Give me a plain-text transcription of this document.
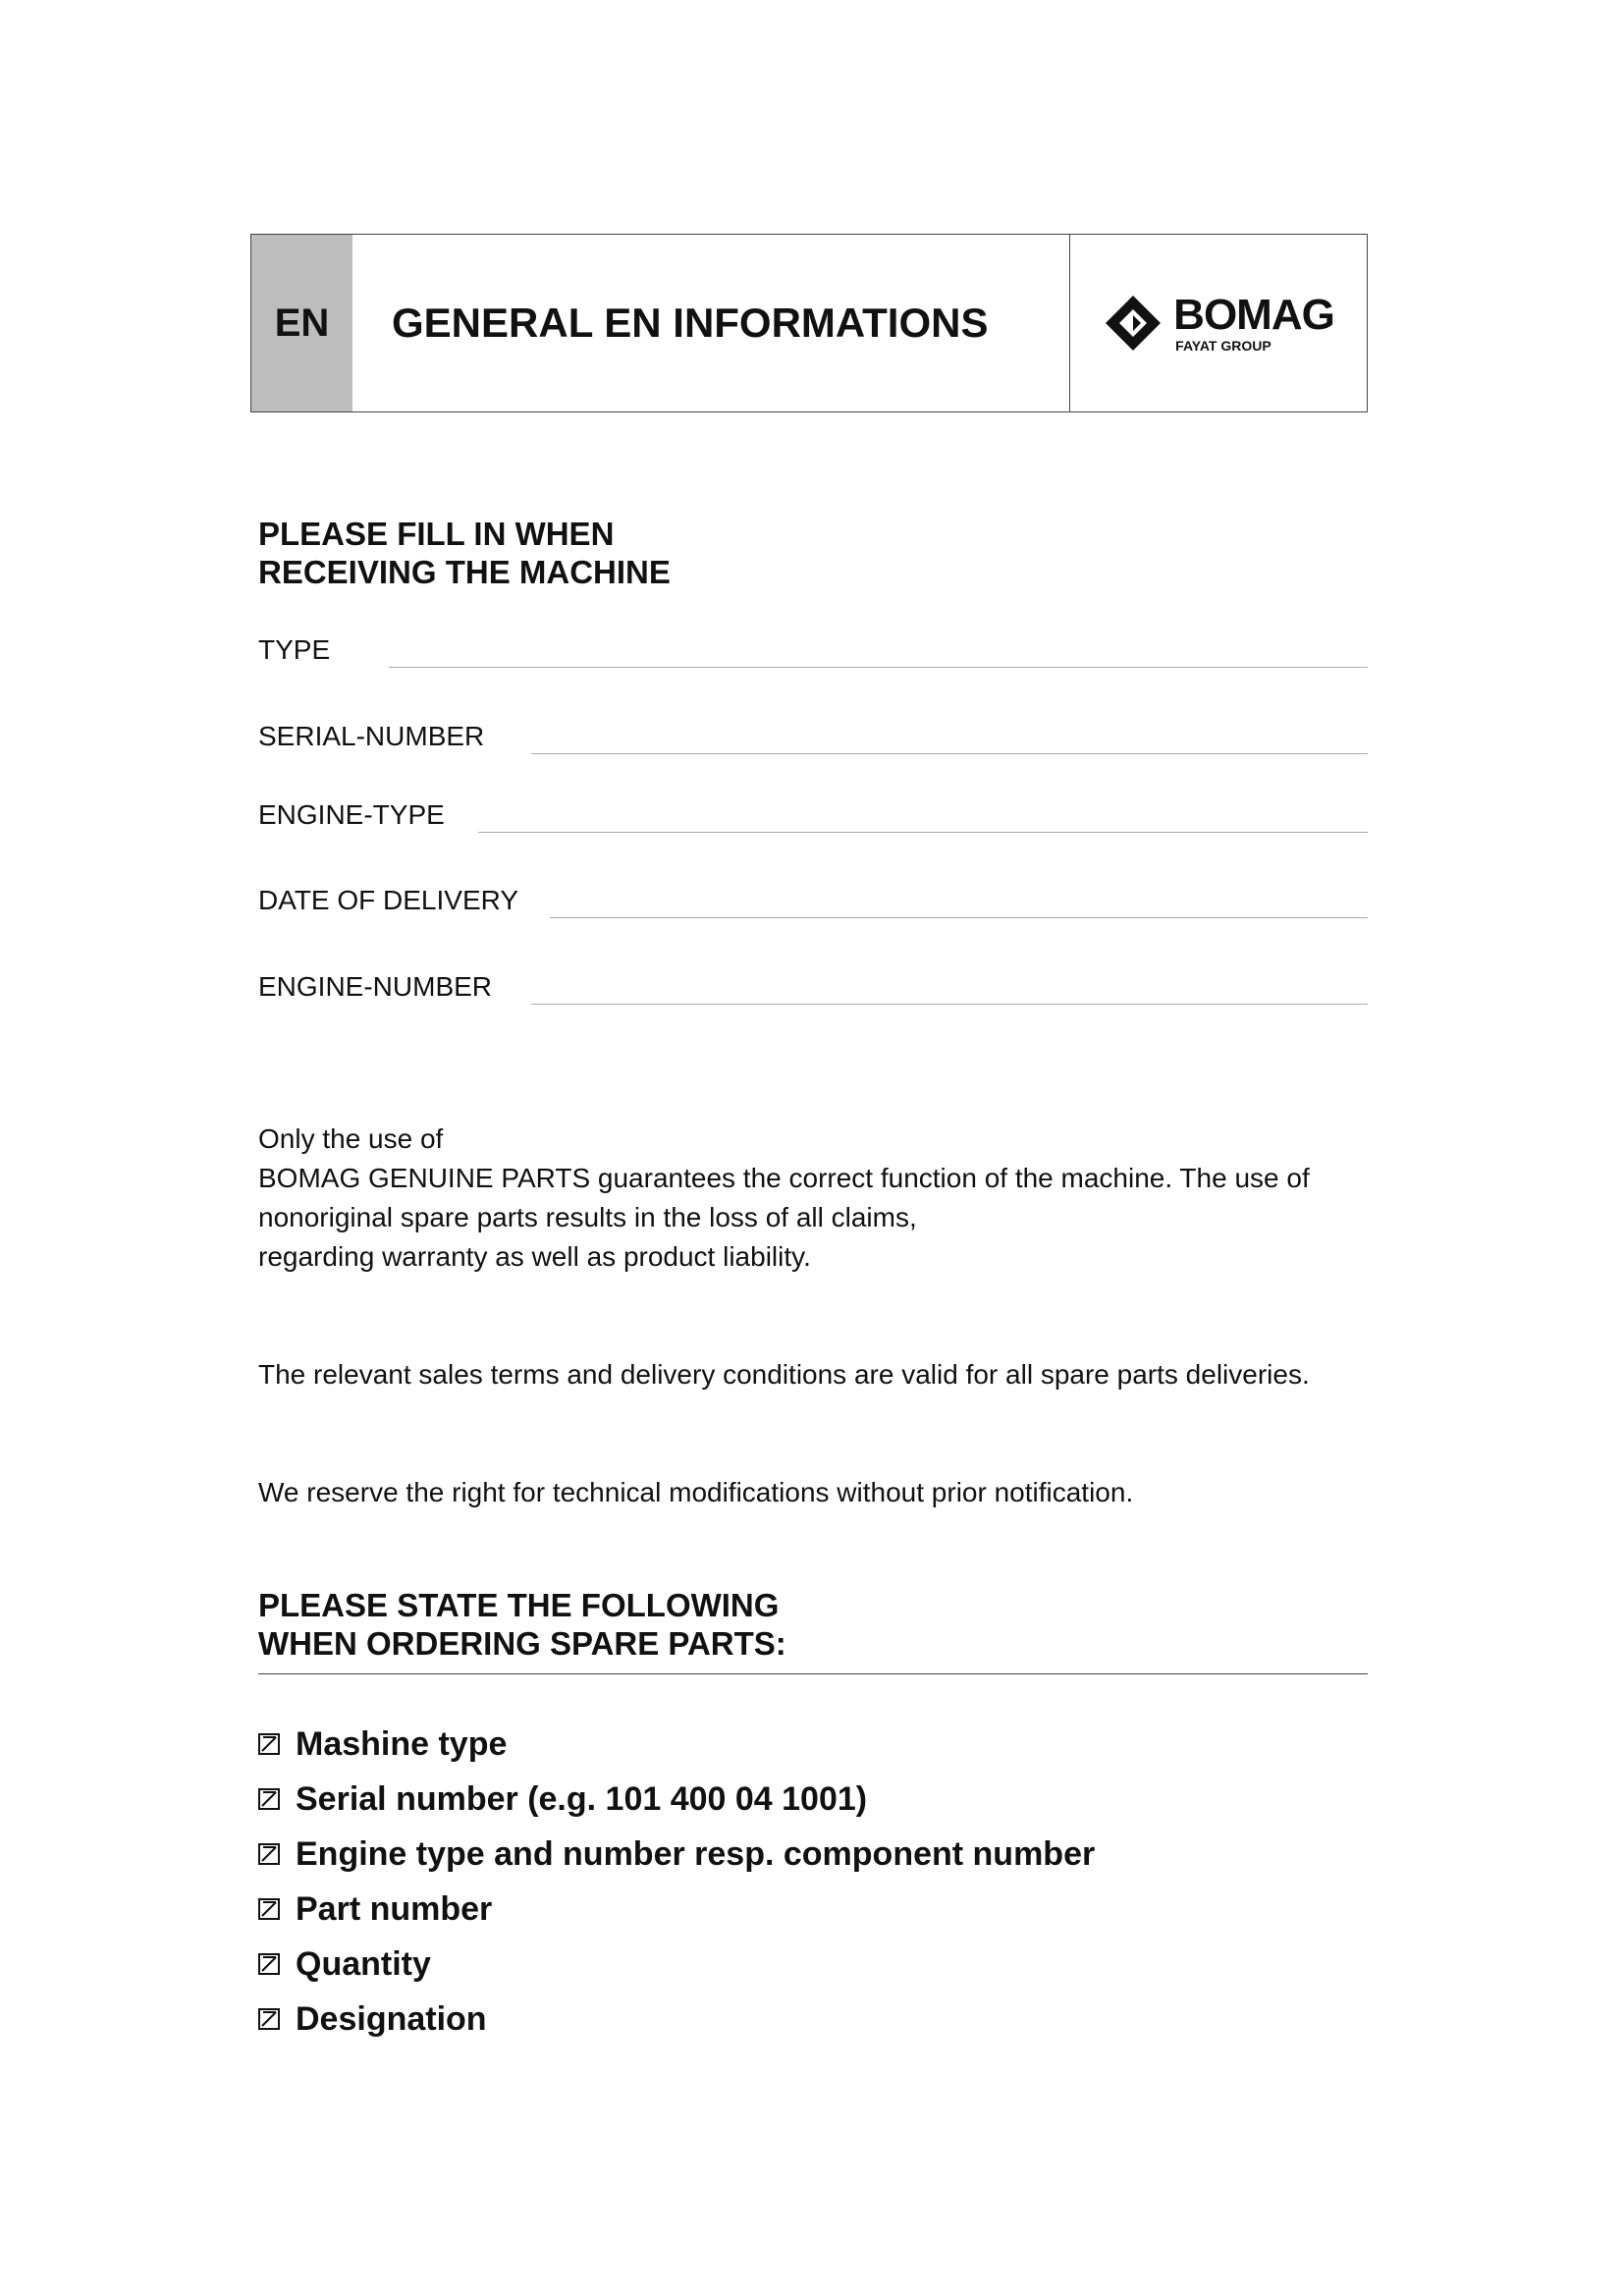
EN	GENERAL EN INFORMATIONS	BOMAG
FAYAT GROUP
PLEASE FILL IN WHEN
RECEIVING THE MACHINE
TYPE
SERIAL-NUMBER
ENGINE-TYPE
DATE OF DELIVERY
ENGINE-NUMBER

Only the use of
BOMAG GENUINE PARTS guarantees the correct function of the machine. The use of
nonoriginal spare parts results in the loss of all claims,
regarding warranty as well as product liability.

The relevant sales terms and delivery conditions are valid for all spare parts deliveries.

We reserve the right for technical modifications without prior notification.

PLEASE STATE THE FOLLOWING
WHEN ORDERING SPARE PARTS:
Mashine type
Serial number (e.g. 101 400 04 1001)
Engine type and number resp. component number
Part number
Quantity
Designation
